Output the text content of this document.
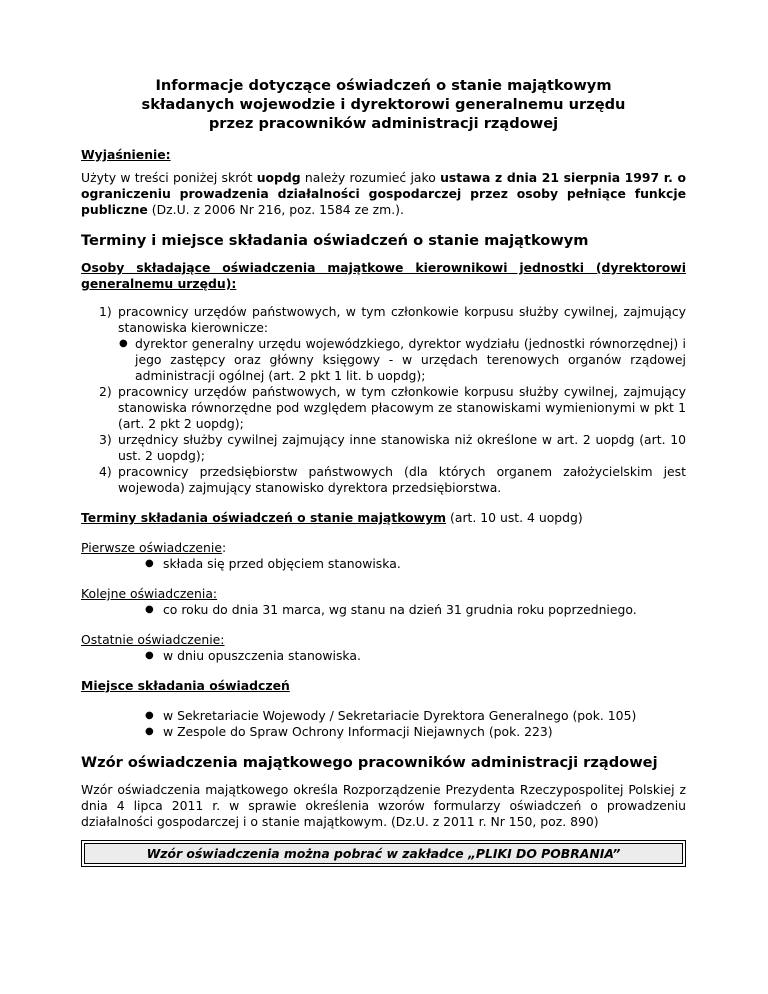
Informacje dotyczące oświadczeń o stanie majątkowym
składanych wojewodzie i dyrektorowi generalnemu urzędu
przez pracowników administracji rządowej
Wyjaśnienie:

Użyty w treści poniżej skrót uopdg należy rozumieć jako ustawa z dnia 21 sierpnia 1997 r. o ograniczeniu prowadzenia działalności gospodarczej przez osoby pełniące funkcje publiczne (Dz.U. z 2006 Nr 216, poz. 1584 ze zm.).

Terminy i miejsce składania oświadczeń o stanie majątkowym

Osoby składające oświadczenia majątkowe kierownikowi jednostki (dyrektorowi generalnemu urzędu):

1) pracownicy urzędów państwowych, w tym członkowie korpusu służby cywilnej, zajmujący stanowiska kierownicze:
● dyrektor generalny urzędu wojewódzkiego, dyrektor wydziału (jednostki równorzędnej) i jego zastępcy oraz główny księgowy - w urzędach terenowych organów rządowej administracji ogólnej (art. 2 pkt 1 lit. b uopdg);
2) pracownicy urzędów państwowych, w tym członkowie korpusu służby cywilnej, zajmujący stanowiska równorzędne pod względem płacowym ze stanowiskami wymienionymi w pkt 1 (art. 2 pkt 2 uopdg);
3) urzędnicy służby cywilnej zajmujący inne stanowiska niż określone w art. 2 uopdg (art. 10 ust. 2 uopdg);
4) pracownicy przedsiębiorstw państwowych (dla których organem założycielskim jest wojewoda) zajmujący stanowisko dyrektora przedsiębiorstwa.

Terminy składania oświadczeń o stanie majątkowym (art. 10 ust. 4 uopdg)

Pierwsze oświadczenie:
● składa się przed objęciem stanowiska.
Kolejne oświadczenia:
● co roku do dnia 31 marca, wg stanu na dzień 31 grudnia roku poprzedniego.
Ostatnie oświadczenie:
● w dniu opuszczenia stanowiska.
Miejsce składania oświadczeń
● w Sekretariacie Wojewody / Sekretariacie Dyrektora Generalnego (pok. 105)
● w Zespole do Spraw Ochrony Informacji Niejawnych (pok. 223)
Wzór oświadczenia majątkowego pracowników administracji rządowej

Wzór oświadczenia majątkowego określa Rozporządzenie Prezydenta Rzeczypospolitej Polskiej z dnia 4 lipca 2011 r. w sprawie określenia wzorów formularzy oświadczeń o prowadzeniu działalności gospodarczej i o stanie majątkowym. (Dz.U. z 2011 r. Nr 150, poz. 890)

Wzór oświadczenia można pobrać w zakładce „PLIKI DO POBRANIA”
